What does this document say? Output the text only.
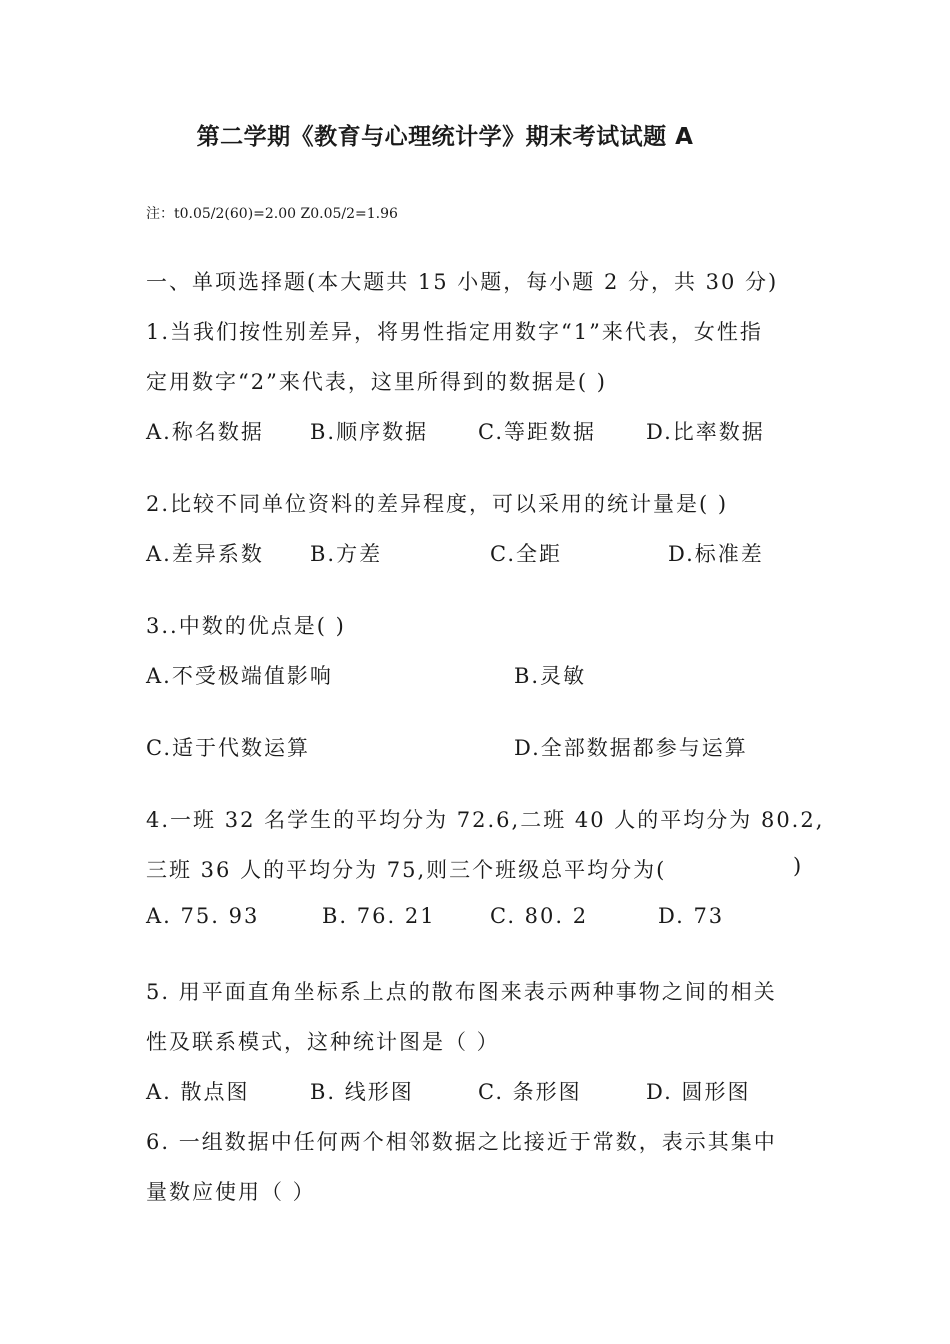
第二学期《教育与心理统计学》期末考试试题 A
注：t0.05/2(60)=2.00 Z0.05/2=1.96
一、单项选择题(本大题共 15 小题，每小题 2 分，共 30 分)
1.当我们按性别差异，将男性指定用数字“1”来代表，女性指
定用数字“2”来代表，这里所得到的数据是( )
A.称名数据 B.顺序数据 C.等距数据 D.比率数据
2.比较不同单位资料的差异程度，可以采用的统计量是( )
A.差异系数 B.方差	C.全距	D.标准差
3..中数的优点是( )
A.不受极端值影响	B.灵敏
C.适于代数运算	D.全部数据都参与运算
4.一班 32 名学生的平均分为 72.6,二班 40 人的平均分为 80.2,
三班 36 人的平均分为 75,则三个班级总平均分为(	)
A. 75. 93	B. 76. 21	C. 80. 2	D. 73
5. 用平面直角坐标系上点的散布图来表示两种事物之间的相关
性及联系模式，这种统计图是（ ）
A. 散点图	B. 线形图	C. 条形图	D. 圆形图
6. 一组数据中任何两个相邻数据之比接近于常数，表示其集中
量数应使用（ ）
